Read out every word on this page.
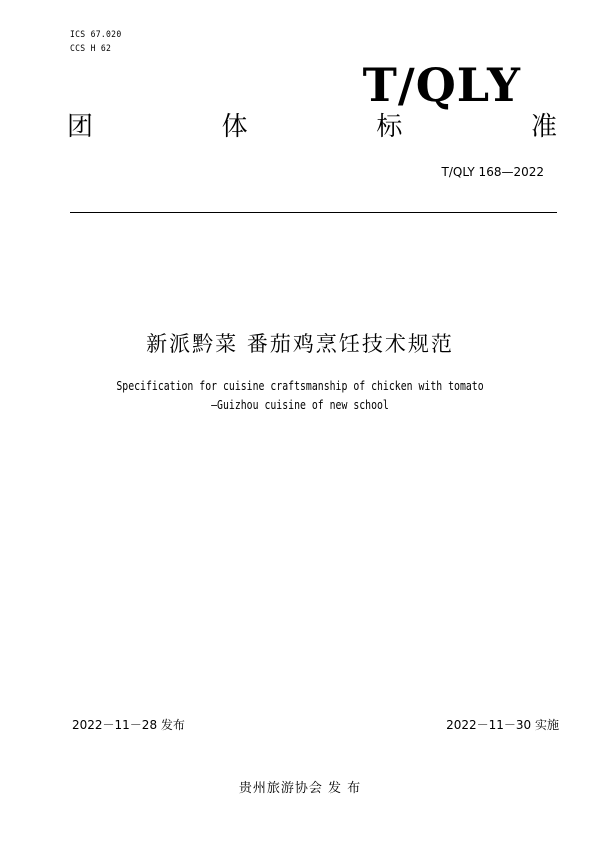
ICS 67.020
CCS H 62
T/QLY
团	体	标	准
T/QLY 168—2022
新派黔菜 番茄鸡烹饪技术规范
Specification for cuisine craftsmanship of chicken with tomato
—Guizhou cuisine of new school
2022－11－28 发布	2022－11－30 实施
贵州旅游协会 发 布
